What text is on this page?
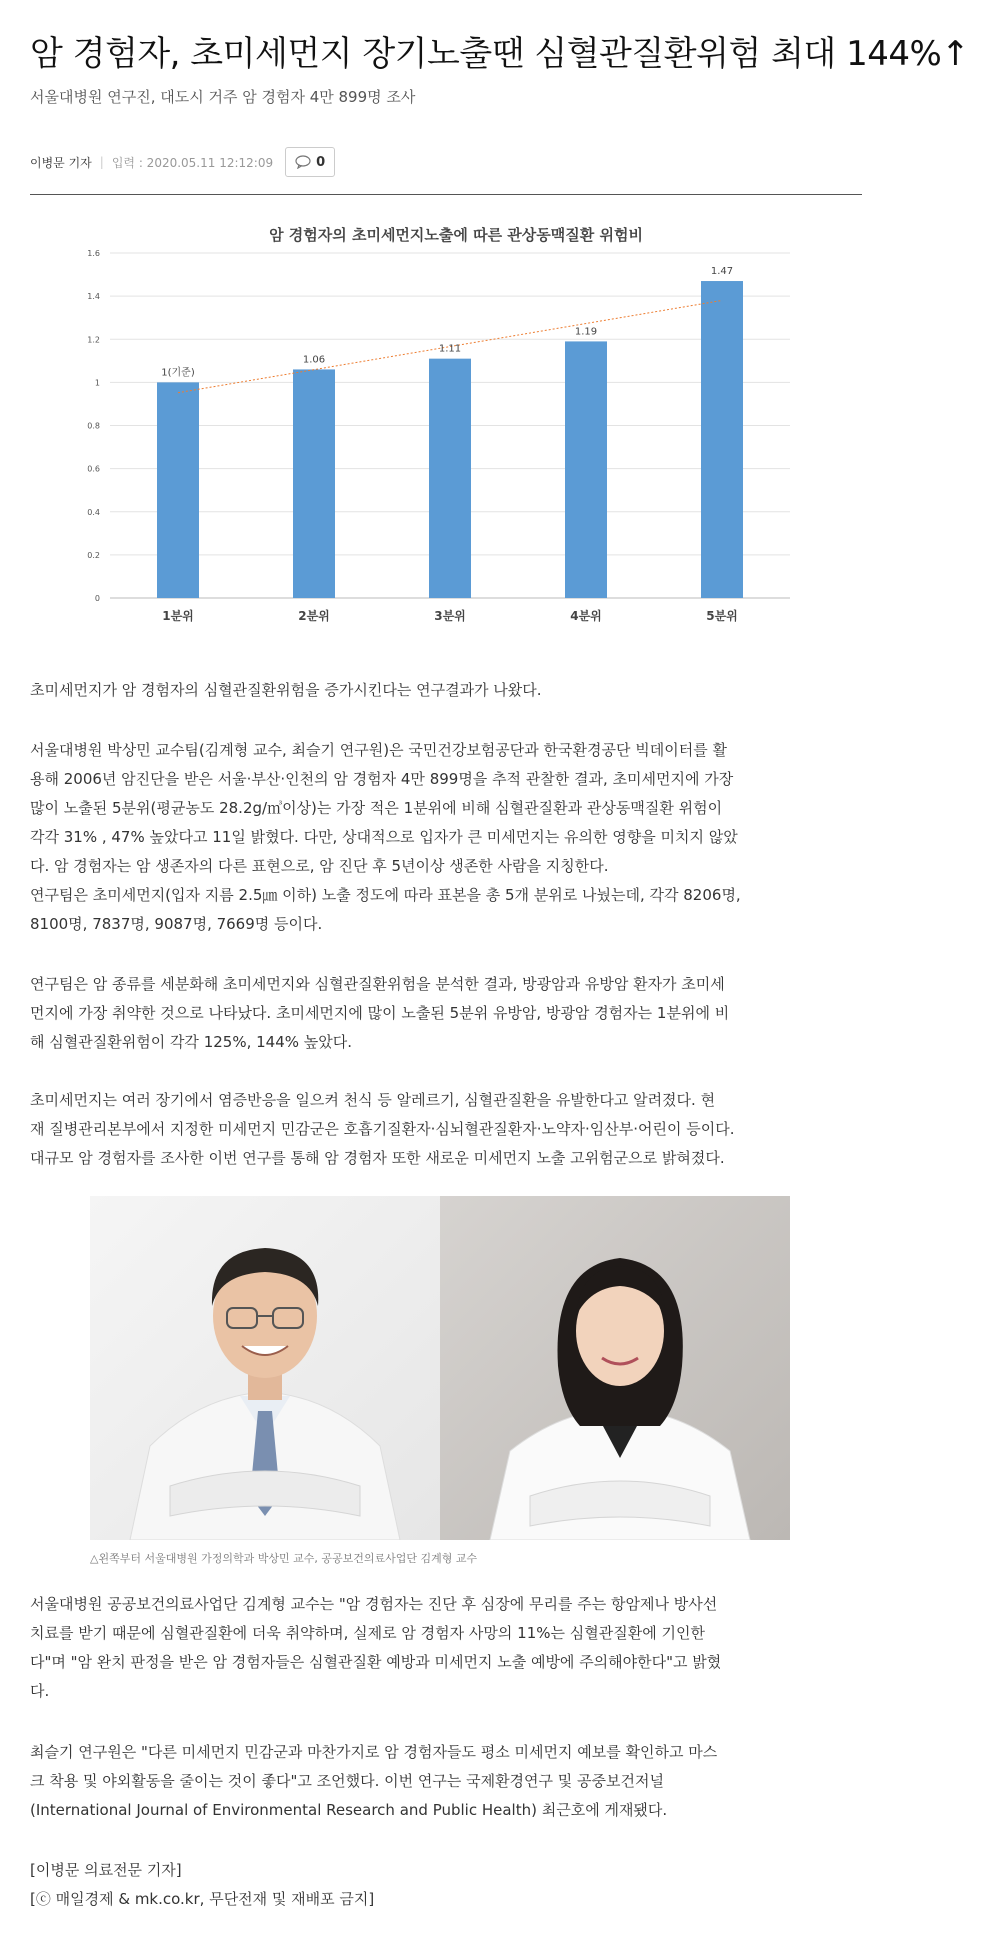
암 경험자, 초미세먼지 장기노출땐 심혈관질환위험 최대 144%↑

서울대병원 연구진, 대도시 거주 암 경험자 4만 899명 조사

이병문 기자 | 입력 : 2020.05.11 12:12:09	0
암 경험자의 초미세먼지노출에 따른 관상동맥질환 위험비
0
0.2
0.4
0.6
0.8
1
1.2
1.4
1.6
1(기준)
1.06
1.11
1.19
1.47
1분위	2분위	3분위	4분위	5분위

초미세먼지가 암 경험자의 심혈관질환위험을 증가시킨다는 연구결과가 나왔다.

서울대병원 박상민 교수팀(김계형 교수, 최슬기 연구원)은 국민건강보험공단과 한국환경공단 빅데이터를 활
용해 2006년 암진단을 받은 서울·부산·인천의 암 경험자 4만 899명을 추적 관찰한 결과, 초미세먼지에 가장
많이 노출된 5분위(평균농도 28.2g/㎥이상)는 가장 적은 1분위에 비해 심혈관질환과 관상동맥질환 위험이
각각 31% , 47% 높았다고 11일 밝혔다. 다만, 상대적으로 입자가 큰 미세먼지는 유의한 영향을 미치지 않았
다. 암 경험자는 암 생존자의 다른 표현으로, 암 진단 후 5년이상 생존한 사람을 지칭한다.
연구팀은 초미세먼지(입자 지름 2.5㎛ 이하) 노출 정도에 따라 표본을 총 5개 분위로 나눴는데, 각각 8206명,
8100명, 7837명, 9087명, 7669명 등이다.
연구팀은 암 종류를 세분화해 초미세먼지와 심혈관질환위험을 분석한 결과, 방광암과 유방암 환자가 초미세
먼지에 가장 취약한 것으로 나타났다. 초미세먼지에 많이 노출된 5분위 유방암, 방광암 경험자는 1분위에 비
해 심혈관질환위험이 각각 125%, 144% 높았다.
초미세먼지는 여러 장기에서 염증반응을 일으켜 천식 등 알레르기, 심혈관질환을 유발한다고 알려졌다. 현
재 질병관리본부에서 지정한 미세먼지 민감군은 호흡기질환자·심뇌혈관질환자·노약자·임산부·어린이 등이다.
대규모 암 경험자를 조사한 이번 연구를 통해 암 경험자 또한 새로운 미세먼지 노출 고위험군으로 밝혀졌다.

△왼쪽부터 서울대병원 가정의학과 박상민 교수, 공공보건의료사업단 김계형 교수

서울대병원 공공보건의료사업단 김계형 교수는 "암 경험자는 진단 후 심장에 무리를 주는 항암제나 방사선
치료를 받기 때문에 심혈관질환에 더욱 취약하며, 실제로 암 경험자 사망의 11%는 심혈관질환에 기인한
다"며 "암 완치 판정을 받은 암 경험자들은 심혈관질환 예방과 미세먼지 노출 예방에 주의해야한다"고 밝혔
다.
최슬기 연구원은 "다른 미세먼지 민감군과 마찬가지로 암 경험자들도 평소 미세먼지 예보를 확인하고 마스
크 착용 및 야외활동을 줄이는 것이 좋다"고 조언했다. 이번 연구는 국제환경연구 및 공중보건저널
(International Journal of Environmental Research and Public Health) 최근호에 게재됐다.
[이병문 의료전문 기자]
[ⓒ 매일경제 & mk.co.kr, 무단전재 및 재배포 금지]
